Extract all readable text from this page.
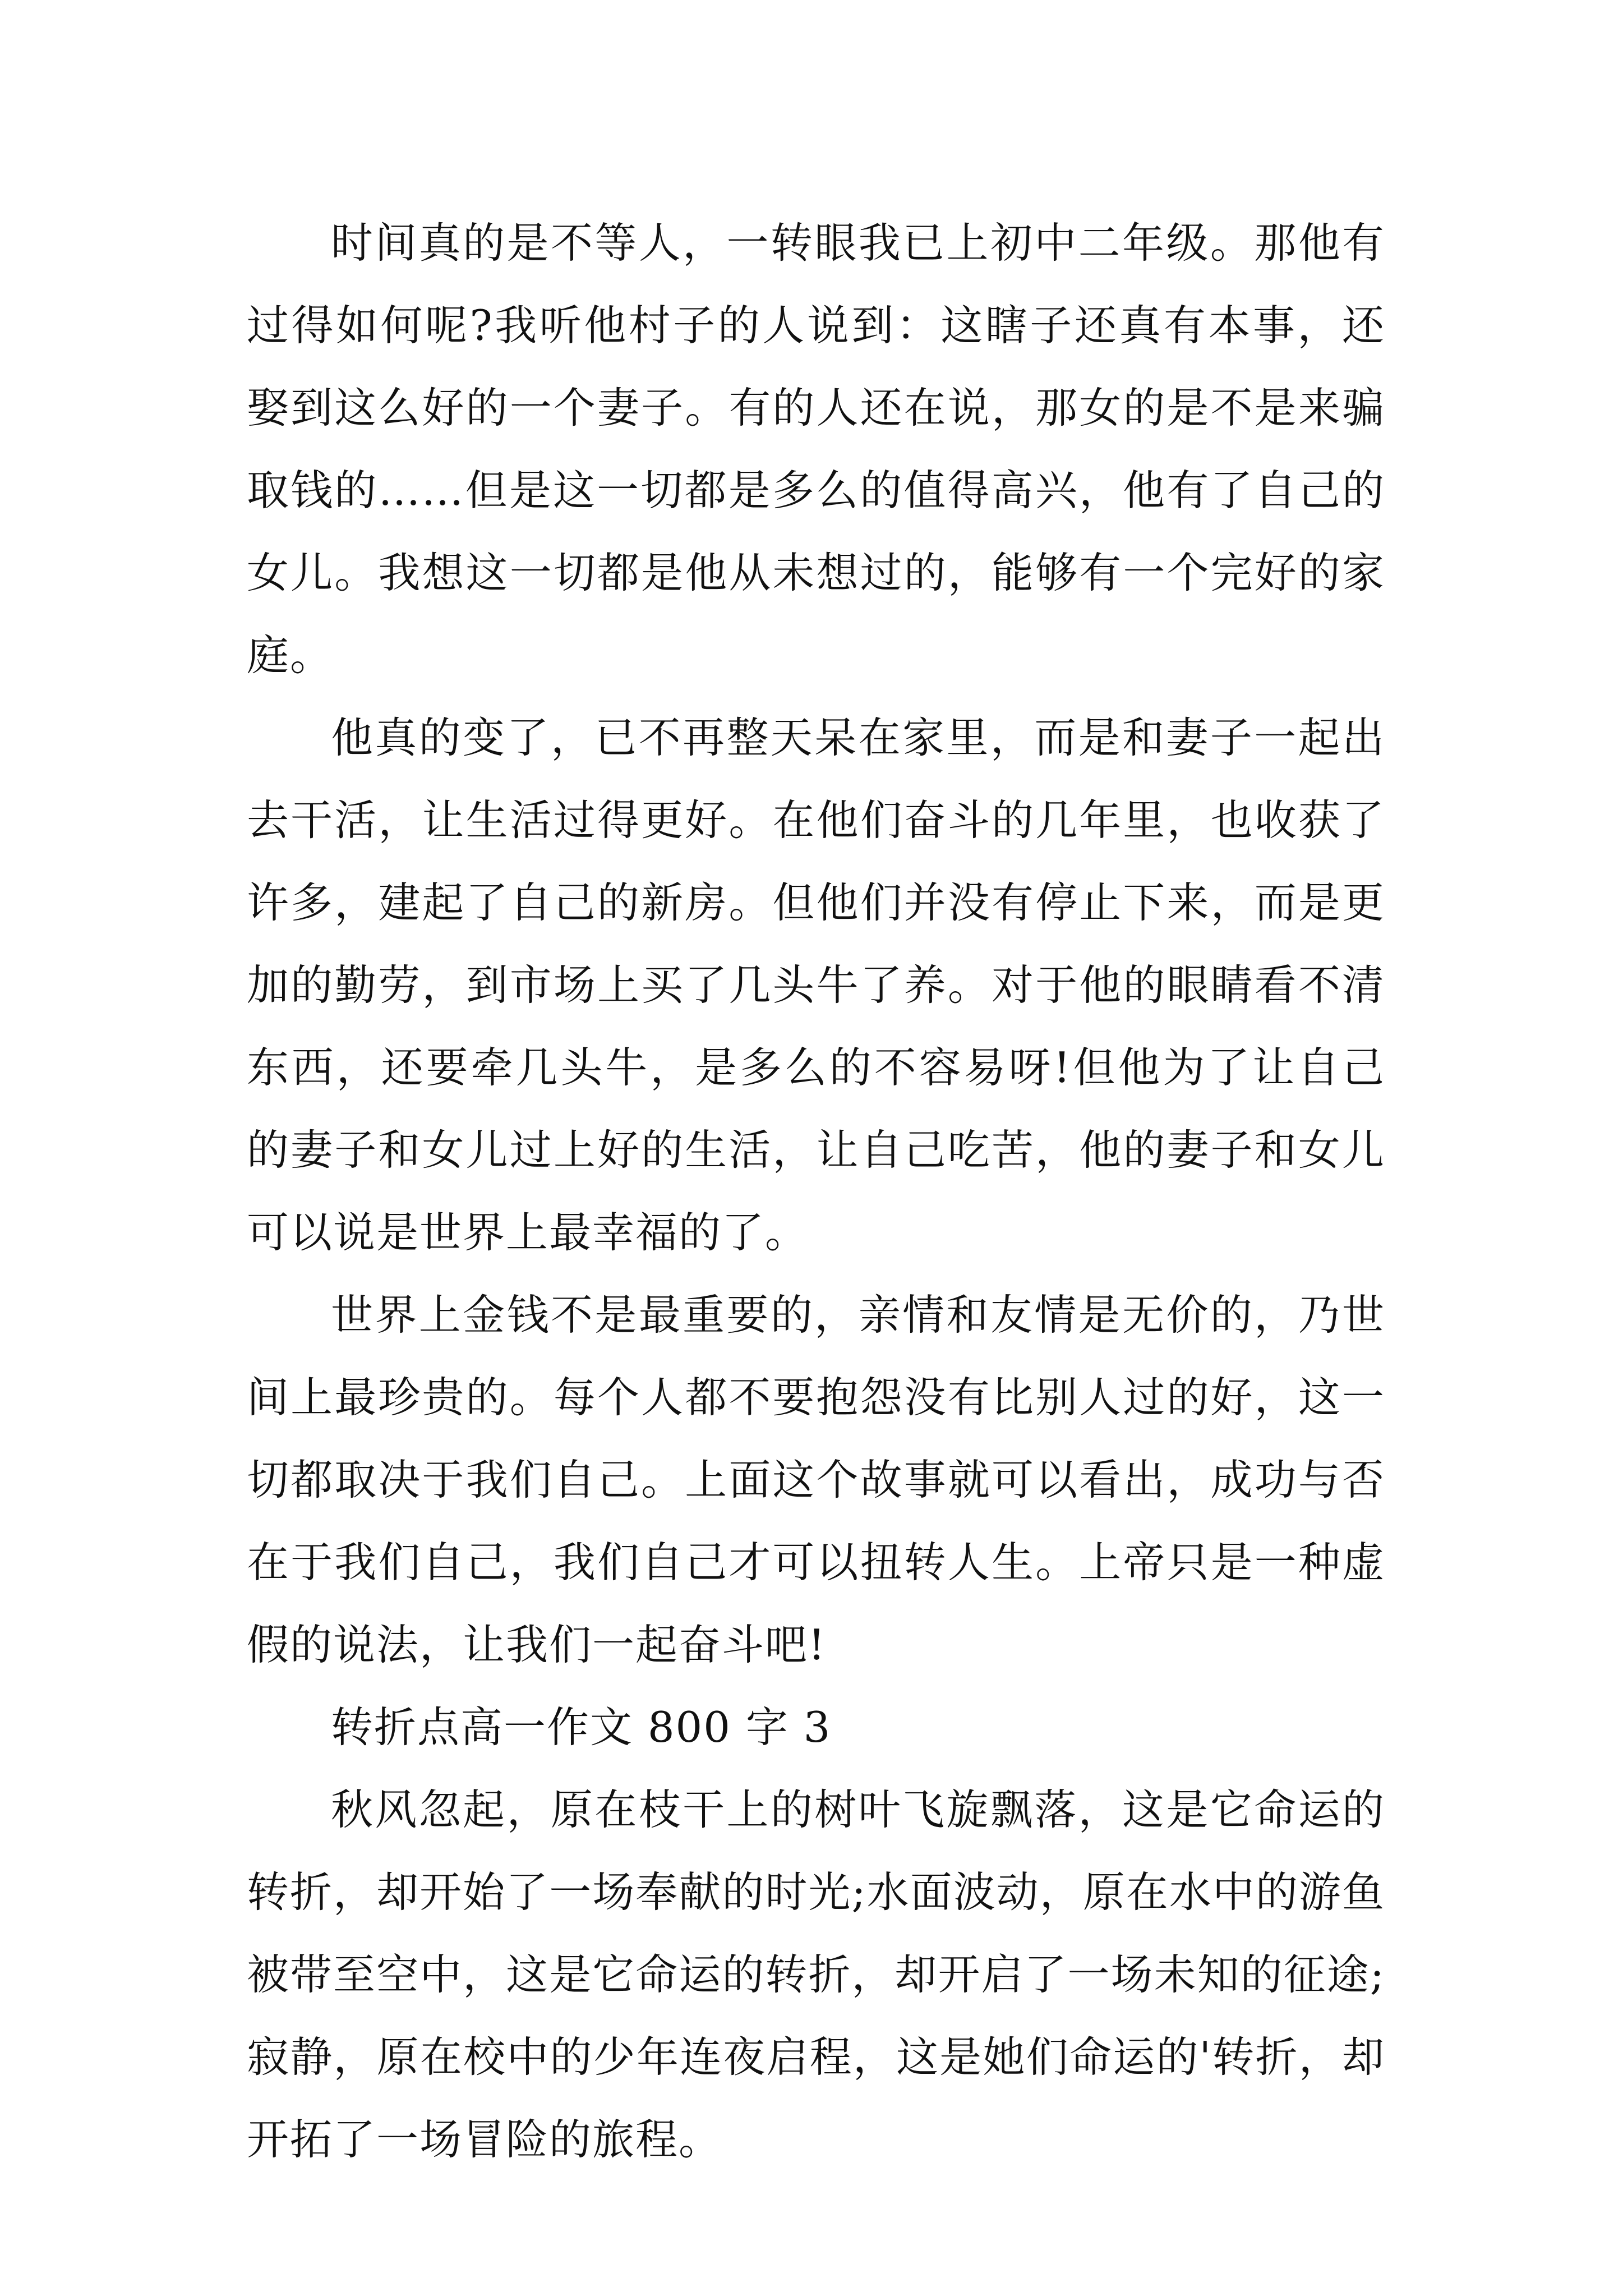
时间真的是不等人，一转眼我已上初中二年级。那他有过得如何呢?我听他村子的人说到：这瞎子还真有本事，还娶到这么好的一个妻子。有的人还在说，那女的是不是来骗取钱的……但是这一切都是多么的值得高兴，他有了自己的女儿。我想这一切都是他从未想过的，能够有一个完好的家庭。

他真的变了，已不再整天呆在家里，而是和妻子一起出去干活，让生活过得更好。在他们奋斗的几年里，也收获了许多，建起了自己的新房。但他们并没有停止下来，而是更加的勤劳，到市场上买了几头牛了养。对于他的眼睛看不清东西，还要牵几头牛，是多么的不容易呀!但他为了让自己的妻子和女儿过上好的生活，让自己吃苦，他的妻子和女儿可以说是世界上最幸福的了。

世界上金钱不是最重要的，亲情和友情是无价的，乃世间上最珍贵的。每个人都不要抱怨没有比别人过的好，这一切都取决于我们自己。上面这个故事就可以看出，成功与否在于我们自己，我们自己才可以扭转人生。上帝只是一种虚假的说法，让我们一起奋斗吧!

转折点高一作文 800 字 3

秋风忽起，原在枝干上的树叶飞旋飘落，这是它命运的转折，却开始了一场奉献的时光;水面波动，原在水中的游鱼被带至空中，这是它命运的转折，却开启了一场未知的征途;寂静，原在校中的少年连夜启程，这是她们命运的'转折，却开拓了一场冒险的旅程。
